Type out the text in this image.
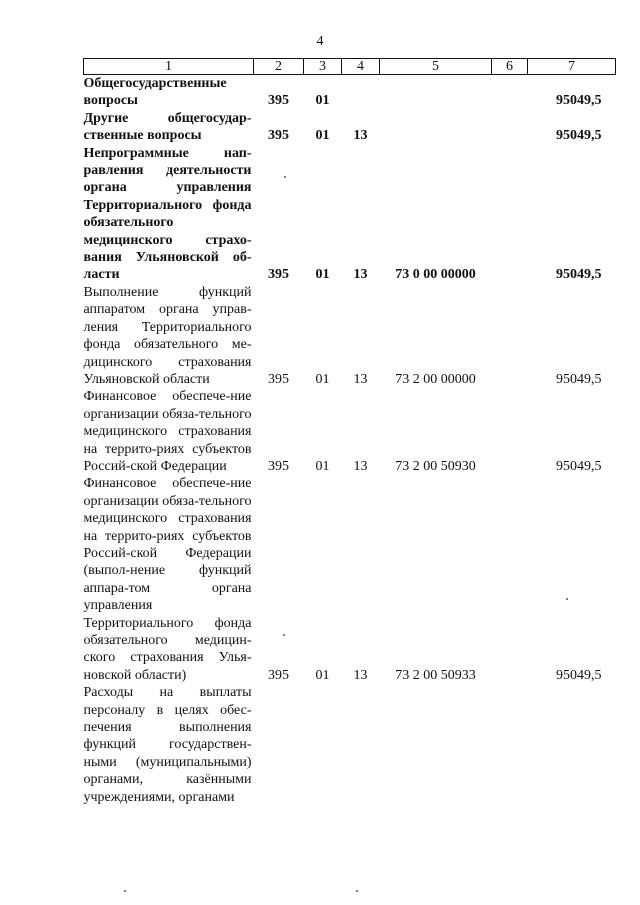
4
1	2	3	4	5	6	7
Общегосударственные вопросы	395	01				95049,5
Другие общегосудар-ственные вопросы	395	01	13			95049,5
Непрограммные нап-равления деятельности органа управления Территориального фонда обязательного медицинского страхо-вания Ульяновской об-ласти	395	01	13	73 0 00 00000		95049,5
Выполнение функций аппаратом органа управ-ления Территориального фонда обязательного ме-дицинского страхования Ульяновской области	395	01	13	73 2 00 00000		95049,5
Финансовое обеспече-ние организации обяза-тельного медицинского страхования на террито-риях субъектов Россий-ской Федерации	395	01	13	73 2 00 50930		95049,5
Финансовое обеспече-ние организации обяза-тельного медицинского страхования на террито-риях субъектов Россий-ской Федерации (выпол-нение функций аппара-том органа управления Территориального фонда обязательного медицин-ского страхования Улья-новской области)	395	01	13	73 2 00 50933		95049,5
Расходы на выплаты персоналу в целях обес-печения выполнения функций государствен-ными (муниципальными) органами, казёнными учреждениями, органами						
